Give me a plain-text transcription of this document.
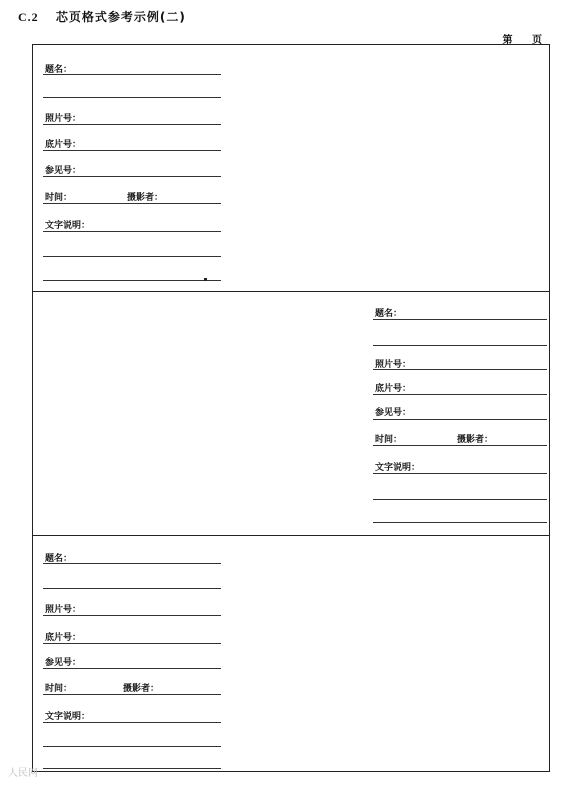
C.2 芯页格式参考示例(二)
第 页
题名：
照片号：
底片号：
参见号：
时间：	摄影者：
文字说明：
题名：
照片号：
底片号：
参见号：
时间：	摄影者：
文字说明：
题名：
照片号：
底片号：
参见号：
时间：	摄影者：
文字说明：
人民网
